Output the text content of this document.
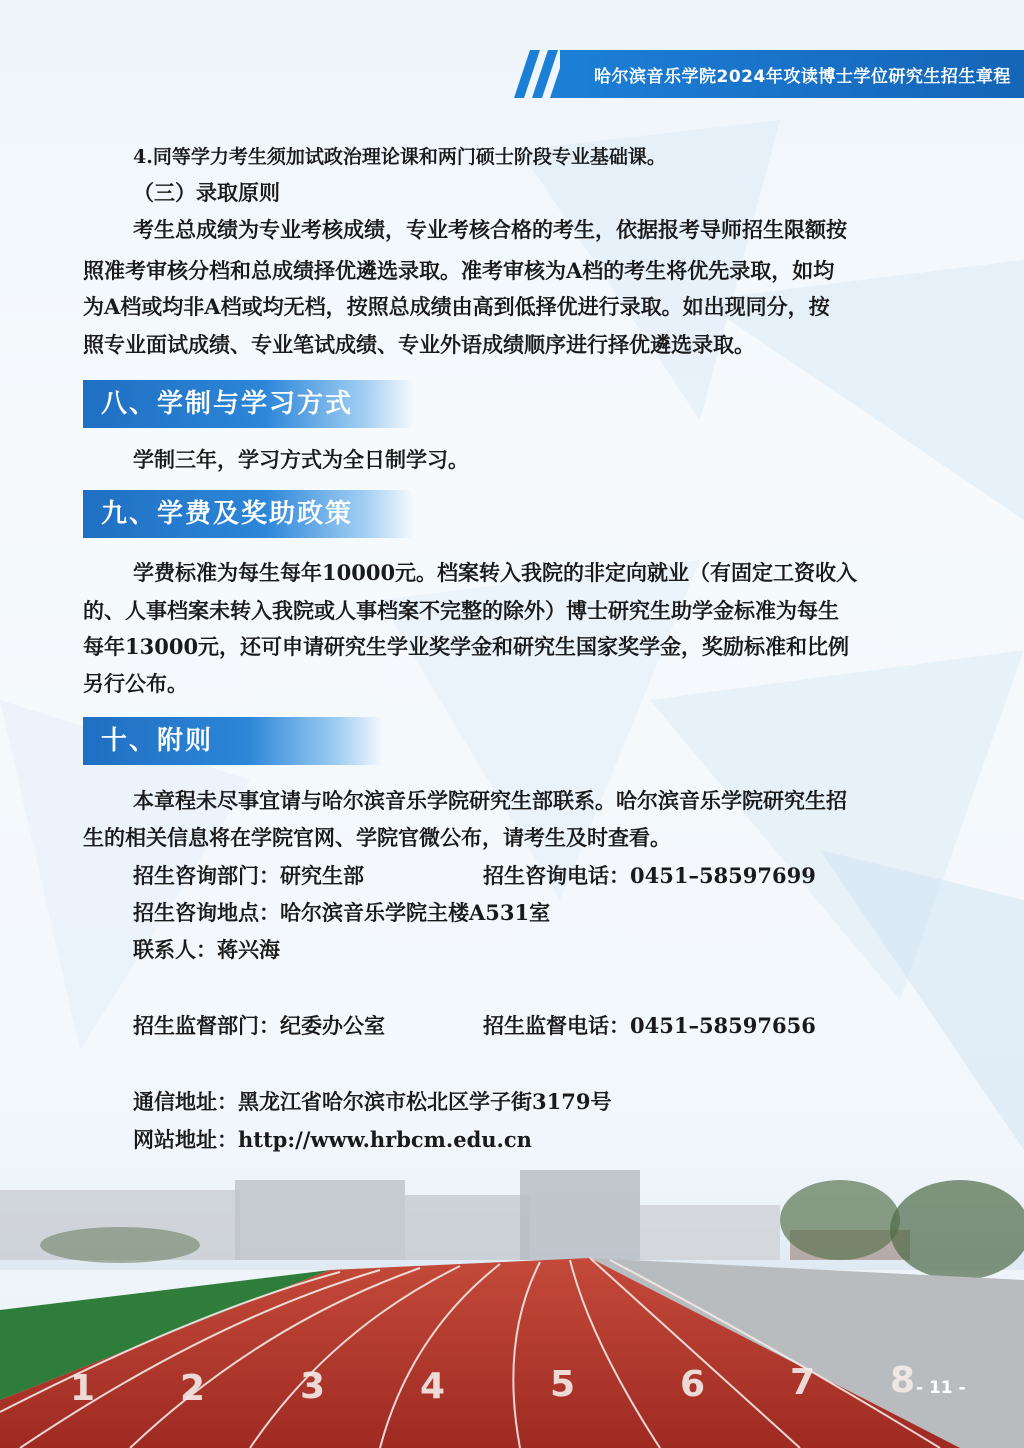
哈尔滨音乐学院2024年攻读博士学位研究生招生章程
4.同等学力考生须加试政治理论课和两门硕士阶段专业基础课。
（三）录取原则
考生总成绩为专业考核成绩，专业考核合格的考生，依据报考导师招生限额按
照准考审核分档和总成绩择优遴选录取。准考审核为A档的考生将优先录取，如均
为A档或均非A档或均无档，按照总成绩由高到低择优进行录取。如出现同分，按
照专业面试成绩、专业笔试成绩、专业外语成绩顺序进行择优遴选录取。
八、学制与学习方式
学制三年，学习方式为全日制学习。
九、学费及奖助政策
学费标准为每生每年10000元。档案转入我院的非定向就业（有固定工资收入
的、人事档案未转入我院或人事档案不完整的除外）博士研究生助学金标准为每生
每年13000元，还可申请研究生学业奖学金和研究生国家奖学金，奖励标准和比例
另行公布。
十、附则
本章程未尽事宜请与哈尔滨音乐学院研究生部联系。哈尔滨音乐学院研究生招
生的相关信息将在学院官网、学院官微公布，请考生及时查看。
招生咨询部门：研究生部	招生咨询电话：0451–58597699
招生咨询地点：哈尔滨音乐学院主楼A531室
联系人：蒋兴海
招生监督部门：纪委办公室	招生监督电话：0451–58597656
通信地址：黑龙江省哈尔滨市松北区学子街3179号
网站地址：http://www.hrbcm.edu.cn
1 2	3	4	5	6 7 8 - 11 -
